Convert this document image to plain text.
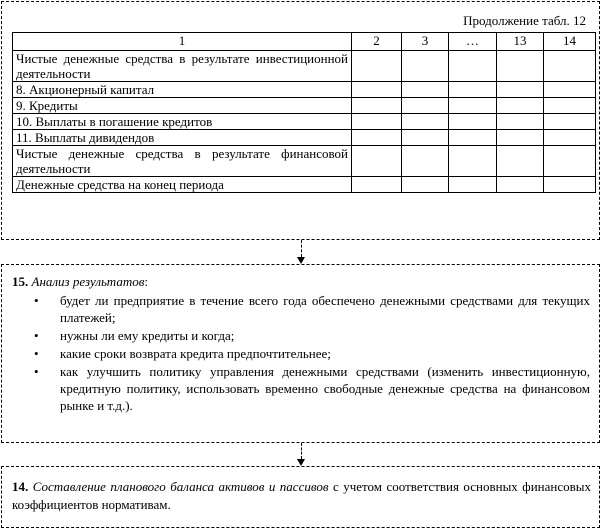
Продолжение табл. 12
1	2	3	…	13	14
Чистые денежные средства в результате инвестиционной деятельности					
8. Акционерный капитал					
9. Кредиты					
10. Выплаты в погашение кредитов					
11. Выплаты дивидендов					
Чистые денежные средства в результате финансовой деятельности					
Денежные средства на конец периода					
15. Анализ результатов:
• будет ли предприятие в течение всего года обеспечено денежными средствами для текущих платежей;
• нужны ли ему кредиты и когда;
• какие сроки возврата кредита предпочтительнее;
• как улучшить политику управления денежными средствами (изменить инвестиционную, кредитную политику, использовать временно свободные денежные средства на финансовом рынке и т.д.).
14. Составление планового баланса активов и пассивов с учетом соответствия основных финансовых коэффициентов нормативам.
